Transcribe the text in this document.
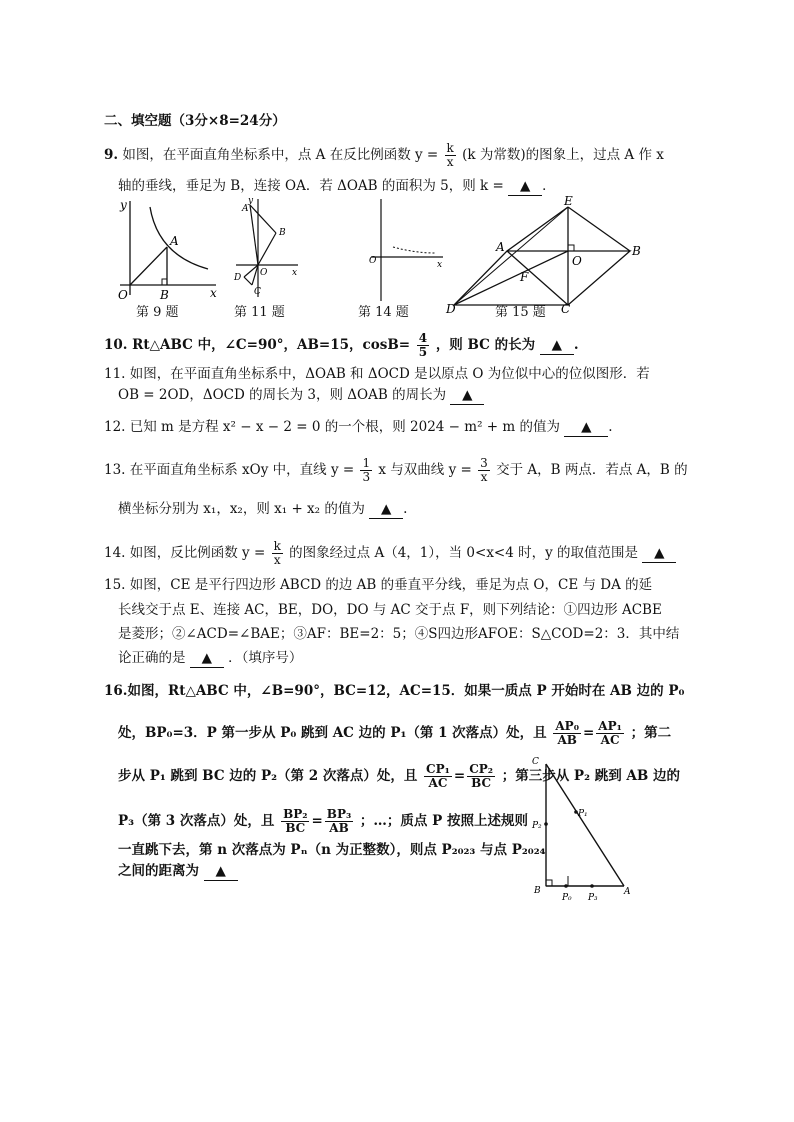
二、填空题（3分×8=24分）
9. 如图，在平面直角坐标系中，点 A 在反比例函数 $y = \frac{k}{x} (k$ 为常数)的图象上，过点 A 作 x
轴的垂线，垂足为 B，连接 OA．若 ΔOAB 的面积为 5，则 k = ▲ ．
y
x
A
O	B
第 9 题
y
A
B
O	x
D
C
第 11 题
O	x
第 14 题
E
A	B
F
O
D	C
第 15 题
10. Rt△ABC 中，∠C=90°，AB=15，$\cos B= \frac{4}{5}$ ，则 BC 的长为 ▲ .
11. 如图，在平面直角坐标系中，ΔOAB 和 ΔOCD 是以原点 O 为位似中心的位似图形．若
OB = 2OD，ΔOCD 的周长为 3，则 ΔOAB 的周长为 ▲
12. 已知 m 是方程 x² − x − 2 = 0 的一个根，则 2024 − m² + m 的值为 ▲ .
13. 在平面直角坐标系 xOy 中，直线 $y = \frac{1}{3}$ x 与双曲线 $y = \frac{3}{x}$ 交于 A，B 两点．若点 A，B 的
横坐标分别为 x₁，x₂，则 x₁ + x₂ 的值为 ▲ .
14. 如图，反比例函数 $y = \frac{k}{x}$ 的图象经过点 A（4，1），当 0<x<4 时，y 的取值范围是 ▲
15. 如图，CE 是平行四边形 ABCD 的边 AB 的垂直平分线，垂足为点 O，CE 与 DA 的延
长线交于点 E、连接 AC，BE，DO，DO 与 AC 交于点 F，则下列结论：①四边形 ACBE
是菱形；②∠ACD=∠BAE；③AF：BE=2：5；④S四边形AFOE：S△COD=2：3．其中结
论正确的是 ▲ ．（填序号）
16.如图，Rt△ABC 中，∠B=90°，BC=12，AC=15．如果一质点 P 开始时在 AB 边的 P₀
处，BP₀=3．P 第一步从 P₀ 跳到 AC 边的 P₁（第 1 次落点）处，且 $\frac{\text{AP₀}}{AB} = \frac{\text{AP₁}}{AC}$ ；第二
步从 P₁ 跳到 BC 边的 P₂（第 2 次落点）处，且 $\frac{\text{CP₁}}{AC} = \frac{\text{CP₂}}{BC}$ ；第三步从 P₂ 跳到 AB 边的
P₃（第 3 次落点）处，且 $\frac{\text{BP₂}}{BC} = \frac{\text{BP₃}}{AB}$ ；…；质点 P 按照上述规则
一直跳下去，第 n 次落点为 Pₙ（n 为正整数），则点 P₂₀₂₃ 与点 P₂₀₂₄
之间的距离为 ▲
C
P₂
P₁
B
P₀ P₃
A
